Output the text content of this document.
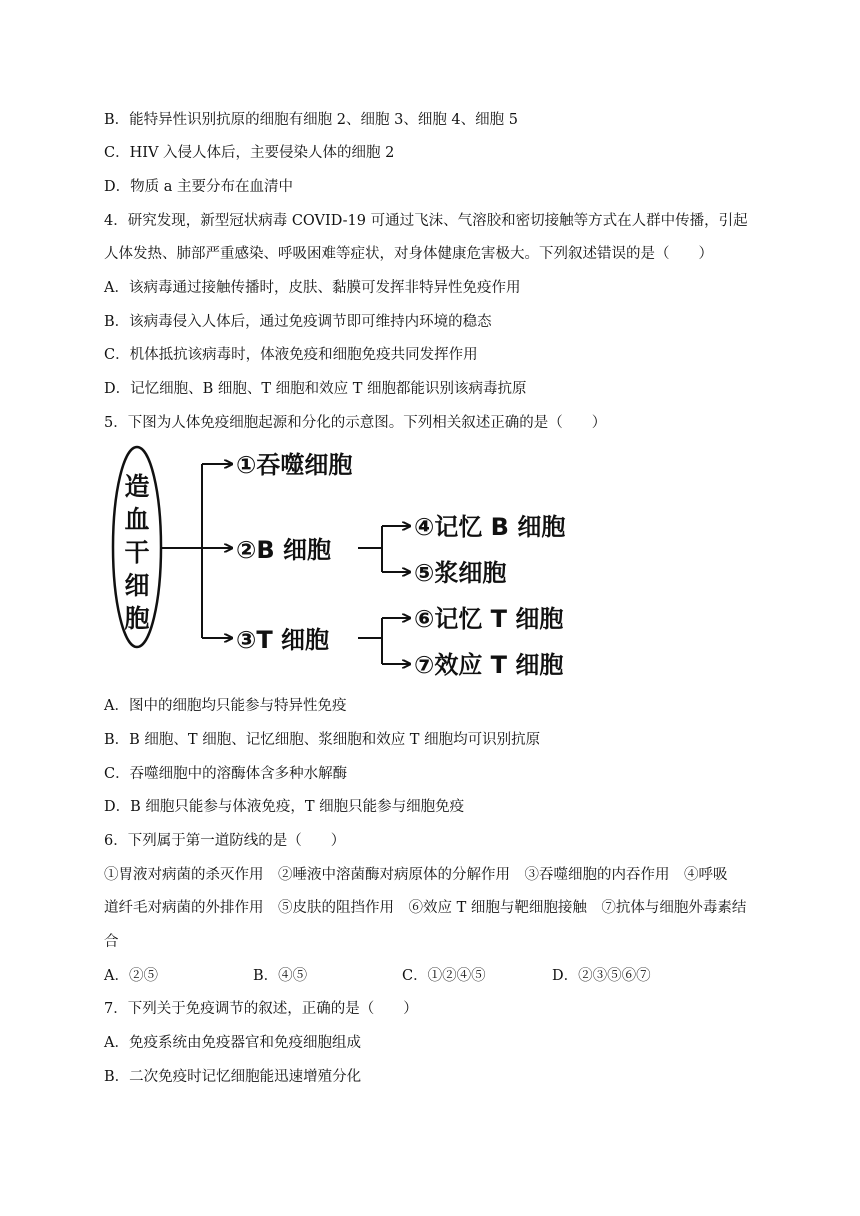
B．能特异性识别抗原的细胞有细胞 2、细胞 3、细胞 4、细胞 5
C．HIV 入侵人体后，主要侵染人体的细胞 2
D．物质 a 主要分布在血清中
4．研究发现，新型冠状病毒 COVID-19 可通过飞沫、气溶胶和密切接触等方式在人群中传播，引起
人体发热、肺部严重感染、呼吸困难等症状，对身体健康危害极大。下列叙述错误的是（　　）
A．该病毒通过接触传播时，皮肤、黏膜可发挥非特异性免疫作用
B．该病毒侵入人体后，通过免疫调节即可维持内环境的稳态
C．机体抵抗该病毒时，体液免疫和细胞免疫共同发挥作用
D．记忆细胞、B 细胞、T 细胞和效应 T 细胞都能识别该病毒抗原
5．下图为人体免疫细胞起源和分化的示意图。下列相关叙述正确的是（　　）
造
血
干
细
胞
①吞噬细胞
②B 细胞
③T 细胞
④记忆 B 细胞
⑤浆细胞
⑥记忆 T 细胞
⑦效应 T 细胞
A．图中的细胞均只能参与特异性免疫
B．B 细胞、T 细胞、记忆细胞、浆细胞和效应 T 细胞均可识别抗原
C．吞噬细胞中的溶酶体含多种水解酶
D．B 细胞只能参与体液免疫，T 细胞只能参与细胞免疫
6．下列属于第一道防线的是（　　）
①胃液对病菌的杀灭作用　②唾液中溶菌酶对病原体的分解作用　③吞噬细胞的内吞作用　④呼吸
道纤毛对病菌的外排作用　⑤皮肤的阻挡作用　⑥效应 T 细胞与靶细胞接触　⑦抗体与细胞外毒素结
合
A．②⑤	B．④⑤	C．①②④⑤	D．②③⑤⑥⑦
7．下列关于免疫调节的叙述，正确的是（　　）
A．免疫系统由免疫器官和免疫细胞组成
B．二次免疫时记忆细胞能迅速增殖分化
